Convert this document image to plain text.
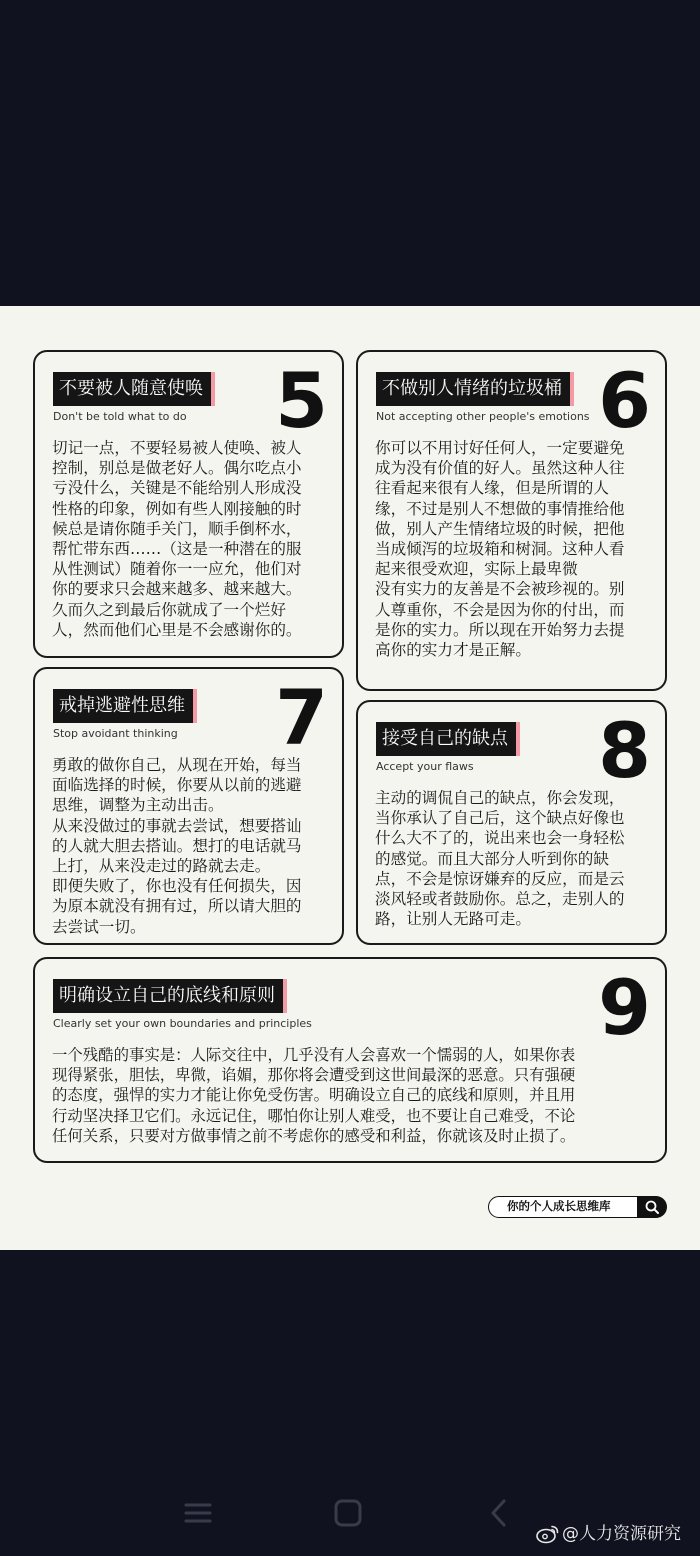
不要被人随意使唤
Don't be told what to do 5

切记一点，不要轻易被人使唤、被人

控制，别总是做老好人。偶尔吃点小

亏没什么，关键是不能给别人形成没

性格的印象，例如有些人刚接触的时

候总是请你随手关门，顺手倒杯水，

帮忙带东西……（这是一种潜在的服

从性测试）随着你一一应允，他们对

你的要求只会越来越多、越来越大。

久而久之到最后你就成了一个烂好

人，然而他们心里是不会感谢你的。

不做别人情绪的垃圾桶
Not accepting other people's emotions 6

你可以不用讨好任何人，一定要避免

成为没有价值的好人。虽然这种人往

往看起来很有人缘，但是所谓的人

缘，不过是别人不想做的事情推给他

做，别人产生情绪垃圾的时候，把他

当成倾泻的垃圾箱和树洞。这种人看

起来很受欢迎，实际上最卑微

没有实力的友善是不会被珍视的。别

人尊重你，不会是因为你的付出，而

是你的实力。所以现在开始努力去提

高你的实力才是正解。

戒掉逃避性思维
Stop avoidant thinking 7

勇敢的做你自己，从现在开始，每当

面临选择的时候，你要从以前的逃避

思维，调整为主动出击。

从来没做过的事就去尝试，想要搭讪

的人就大胆去搭讪。想打的电话就马

上打，从来没走过的路就去走。

即便失败了，你也没有任何损失，因

为原本就没有拥有过，所以请大胆的

去尝试一切。

接受自己的缺点
Accept your flaws 8

主动的调侃自己的缺点，你会发现，

当你承认了自己后，这个缺点好像也

什么大不了的，说出来也会一身轻松

的感觉。而且大部分人听到你的缺

点，不会是惊讶嫌弃的反应，而是云

淡风轻或者鼓励你。总之，走别人的

路，让别人无路可走。

明确设立自己的底线和原则
Clearly set your own boundaries and principles	9

一个残酷的事实是：人际交往中，几乎没有人会喜欢一个懦弱的人，如果你表

现得紧张，胆怯，卑微，谄媚，那你将会遭受到这世间最深的恶意。只有强硬

的态度，强悍的实力才能让你免受伤害。明确设立自己的底线和原则，并且用

行动坚决择卫它们。永远记住，哪怕你让别人难受，也不要让自己难受，不论

任何关系，只要对方做事情之前不考虑你的感受和利益，你就该及时止损了。

你的个人成长思维库
@人力资源研究
